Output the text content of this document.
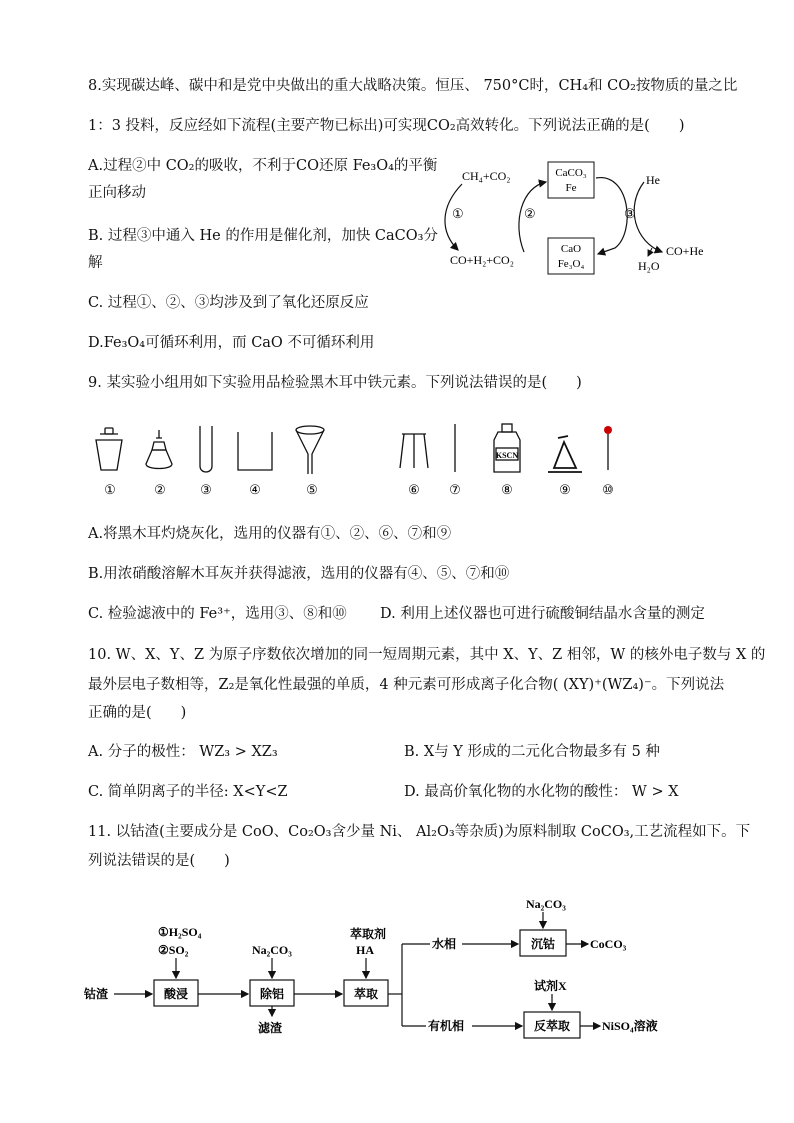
8.实现碳达峰、碳中和是党中央做出的重大战略决策。恒压、 750°C时，CH₄和 CO₂按物质的量之比
1：3 投料，反应经如下流程(主要产物已标出)可实现CO₂高效转化。下列说法正确的是(　　)
A.过程②中 CO₂的吸收，不利于CO还原 Fe₃O₄的平衡
正向移动
B. 过程③中通入 He 的作用是催化剂，加快 CaCO₃分
解
C. 过程①、②、③均涉及到了氧化还原反应
D.Fe₃O₄可循环利用，而 CaO 不可循环利用
CH₄+CO₂
CO+H₂+CO₂
①
CaCO₃
Fe
CaO
Fe₃O₄
②	③
He
CO+He
H₂O
9. 某实验小组用如下实验用品检验黑木耳中铁元素。下列说法错误的是(　　)
KSCN
①	②	③	④	⑤	⑥ ⑦	⑧	⑨ ⑩
A.将黑木耳灼烧灰化，选用的仪器有①、②、⑥、⑦和⑨
B.用浓硝酸溶解木耳灰并获得滤液，选用的仪器有④、⑤、⑦和⑩
C. 检验滤液中的 Fe³⁺，选用③、⑧和⑩ D. 利用上述仪器也可进行硫酸铜结晶水含量的测定
10. W、X、Y、Z 为原子序数依次增加的同一短周期元素，其中 X、Y、Z 相邻，W 的核外电子数与 X 的
最外层电子数相等，Z₂是氧化性最强的单质，4 种元素可形成离子化合物( (XY)⁺(WZ₄)⁻。下列说法
正确的是(　　)
A. 分子的极性： WZ₃ > XZ₃	B. X与 Y 形成的二元化合物最多有 5 种
C. 简单阴离子的半径: X<Y<Z	D. 最高价氧化物的水化物的酸性： W > X
11. 以钴渣(主要成分是 CoO、Co₂O₃含少量 Ni、 Al₂O₃等杂质)为原料制取 CoCO₃,工艺流程如下。下
列说法错误的是(　　)
钴渣	酸浸
①H₂SO₄
②SO₂
除铝
Na₂CO₃
滤渣
萃取
萃取剂
HA	水相	沉钴
Na₂CO₃
CoCO₃
有机相	反萃取
试剂X
NiSO₄溶液
